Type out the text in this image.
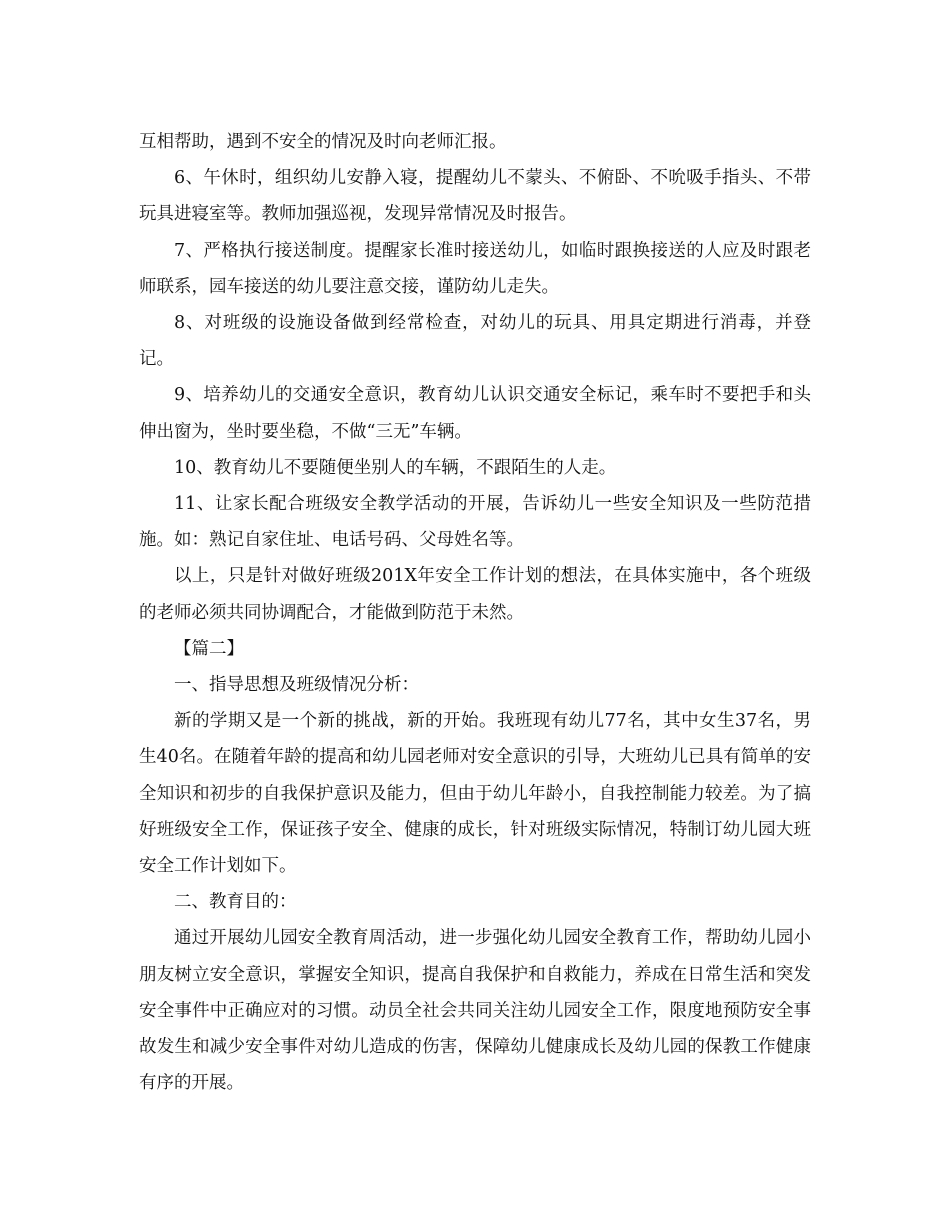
互相帮助，遇到不安全的情况及时向老师汇报。

6、午休时，组织幼儿安静入寝，提醒幼儿不蒙头、不俯卧、不吮吸手指头、不带玩具进寝室等。教师加强巡视，发现异常情况及时报告。

7、严格执行接送制度。提醒家长准时接送幼儿，如临时跟换接送的人应及时跟老师联系，园车接送的幼儿要注意交接，谨防幼儿走失。

8、对班级的设施设备做到经常检查，对幼儿的玩具、用具定期进行消毒，并登记。

9、培养幼儿的交通安全意识，教育幼儿认识交通安全标记，乘车时不要把手和头伸出窗为，坐时要坐稳，不做“三无”车辆。

10、教育幼儿不要随便坐别人的车辆，不跟陌生的人走。

11、让家长配合班级安全教学活动的开展，告诉幼儿一些安全知识及一些防范措施。如：熟记自家住址、电话号码、父母姓名等。

以上，只是针对做好班级201X年安全工作计划的想法，在具体实施中，各个班级的老师必须共同协调配合，才能做到防范于未然。

【篇二】

一、指导思想及班级情况分析：

新的学期又是一个新的挑战，新的开始。我班现有幼儿77名，其中女生37名，男生40名。在随着年龄的提高和幼儿园老师对安全意识的引导，大班幼儿已具有简单的安全知识和初步的自我保护意识及能力，但由于幼儿年龄小，自我控制能力较差。为了搞好班级安全工作，保证孩子安全、健康的成长，针对班级实际情况，特制订幼儿园大班安全工作计划如下。

二、教育目的：

通过开展幼儿园安全教育周活动，进一步强化幼儿园安全教育工作，帮助幼儿园小朋友树立安全意识，掌握安全知识，提高自我保护和自救能力，养成在日常生活和突发安全事件中正确应对的习惯。动员全社会共同关注幼儿园安全工作，限度地预防安全事故发生和减少安全事件对幼儿造成的伤害，保障幼儿健康成长及幼儿园的保教工作健康有序的开展。
